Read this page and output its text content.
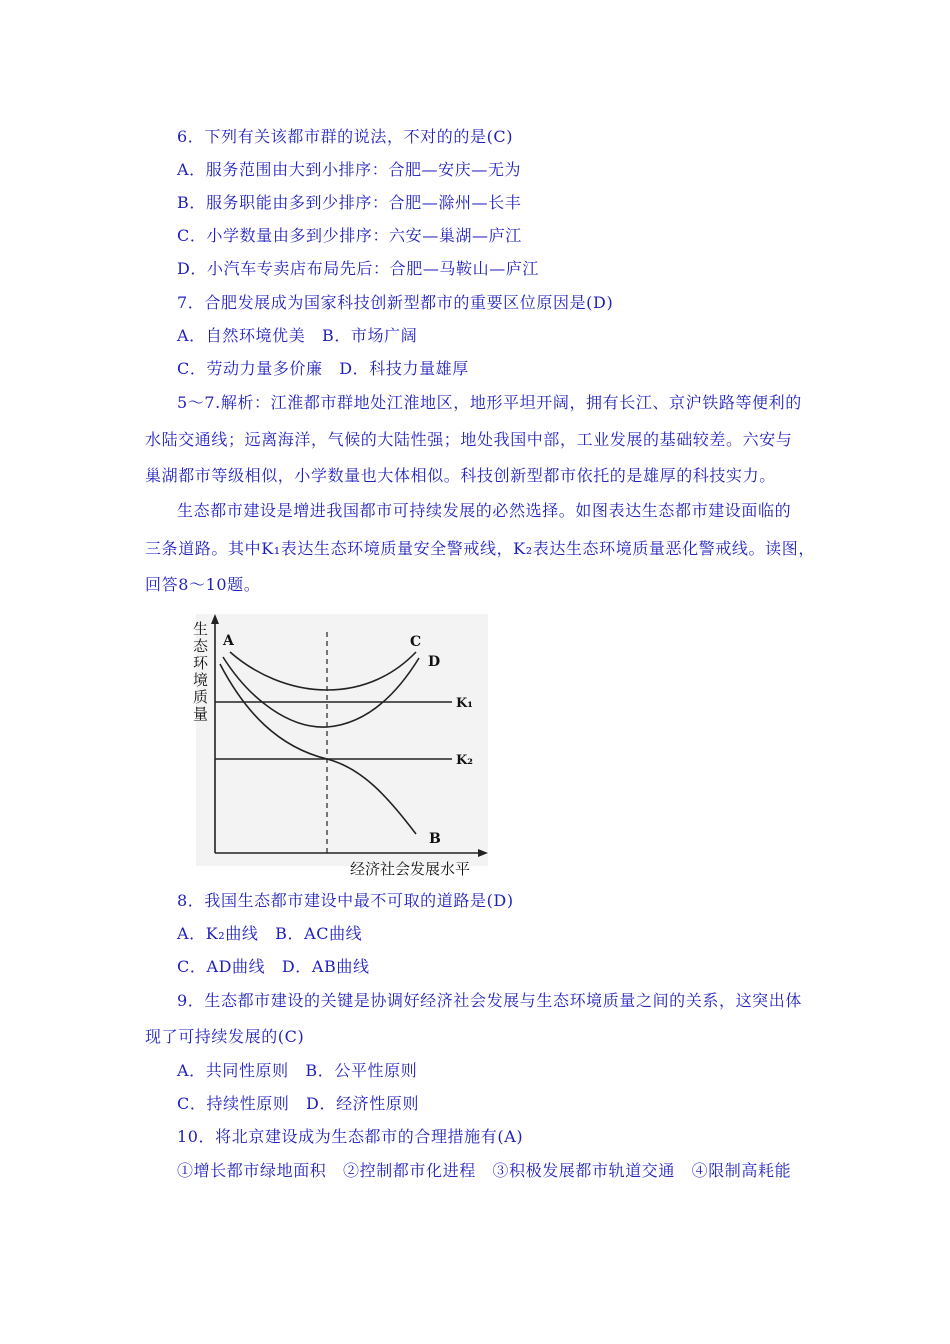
6．下列有关该都市群的说法，不对的的是(C)
A．服务范围由大到小排序：合肥—安庆—无为
B．服务职能由多到少排序：合肥—滁州—长丰
C．小学数量由多到少排序：六安—巢湖—庐江
D．小汽车专卖店布局先后：合肥—马鞍山—庐江
7．合肥发展成为国家科技创新型都市的重要区位原因是(D)
A．自然环境优美　B．市场广阔
C．劳动力量多价廉　D．科技力量雄厚
5～7.解析：江淮都市群地处江淮地区，地形平坦开阔，拥有长江、京沪铁路等便利的
水陆交通线；远离海洋，气候的大陆性强；地处我国中部，工业发展的基础较差。六安与
巢湖都市等级相似，小学数量也大体相似。科技创新型都市依托的是雄厚的科技实力。
生态都市建设是增进我国都市可持续发展的必然选择。如图表达生态都市建设面临的
三条道路。其中K₁表达生态环境质量安全警戒线，K₂表达生态环境质量恶化警戒线。读图，
回答8～10题。
A	C
D
B
K₁
K₂
生
态
环
境
质
量
经济社会发展水平
8．我国生态都市建设中最不可取的道路是(D)
A．K₂曲线　B．AC曲线
C．AD曲线　D．AB曲线
9．生态都市建设的关键是协调好经济社会发展与生态环境质量之间的关系，这突出体
现了可持续发展的(C)
A．共同性原则　B．公平性原则
C．持续性原则　D．经济性原则
10．将北京建设成为生态都市的合理措施有(A)
①增长都市绿地面积　②控制都市化进程　③积极发展都市轨道交通　④限制高耗能
